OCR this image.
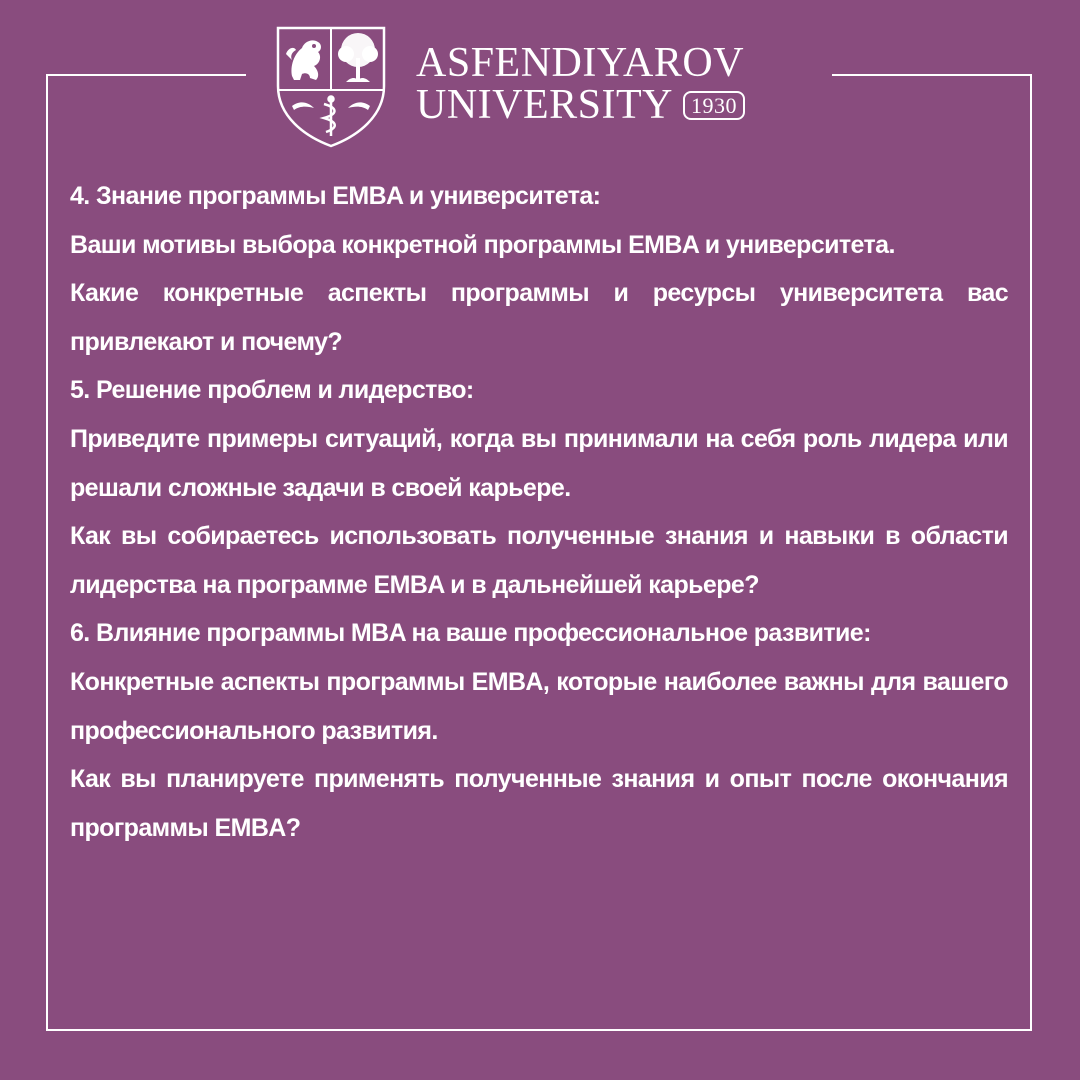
ASFENDIYAROV
UNIVERSITY 1930

4. Знание программы EMBA и университета:

Ваши мотивы выбора конкретной программы EMBA и университета.

Какие конкретные аспекты программы и ресурсы университета вас привлекают и почему?

5. Решение проблем и лидерство:

Приведите примеры ситуаций, когда вы принимали на себя роль лидера или решали сложные задачи в своей карьере.

Как вы собираетесь использовать полученные знания и навыки в области лидерства на программе EMBA и в дальнейшей карьере?

6. Влияние программы MBA на ваше профессиональное развитие:

Конкретные аспекты программы EMBA, которые наиболее важны для вашего профессионального развития.

Как вы планируете применять полученные знания и опыт после окончания программы EMBA?
